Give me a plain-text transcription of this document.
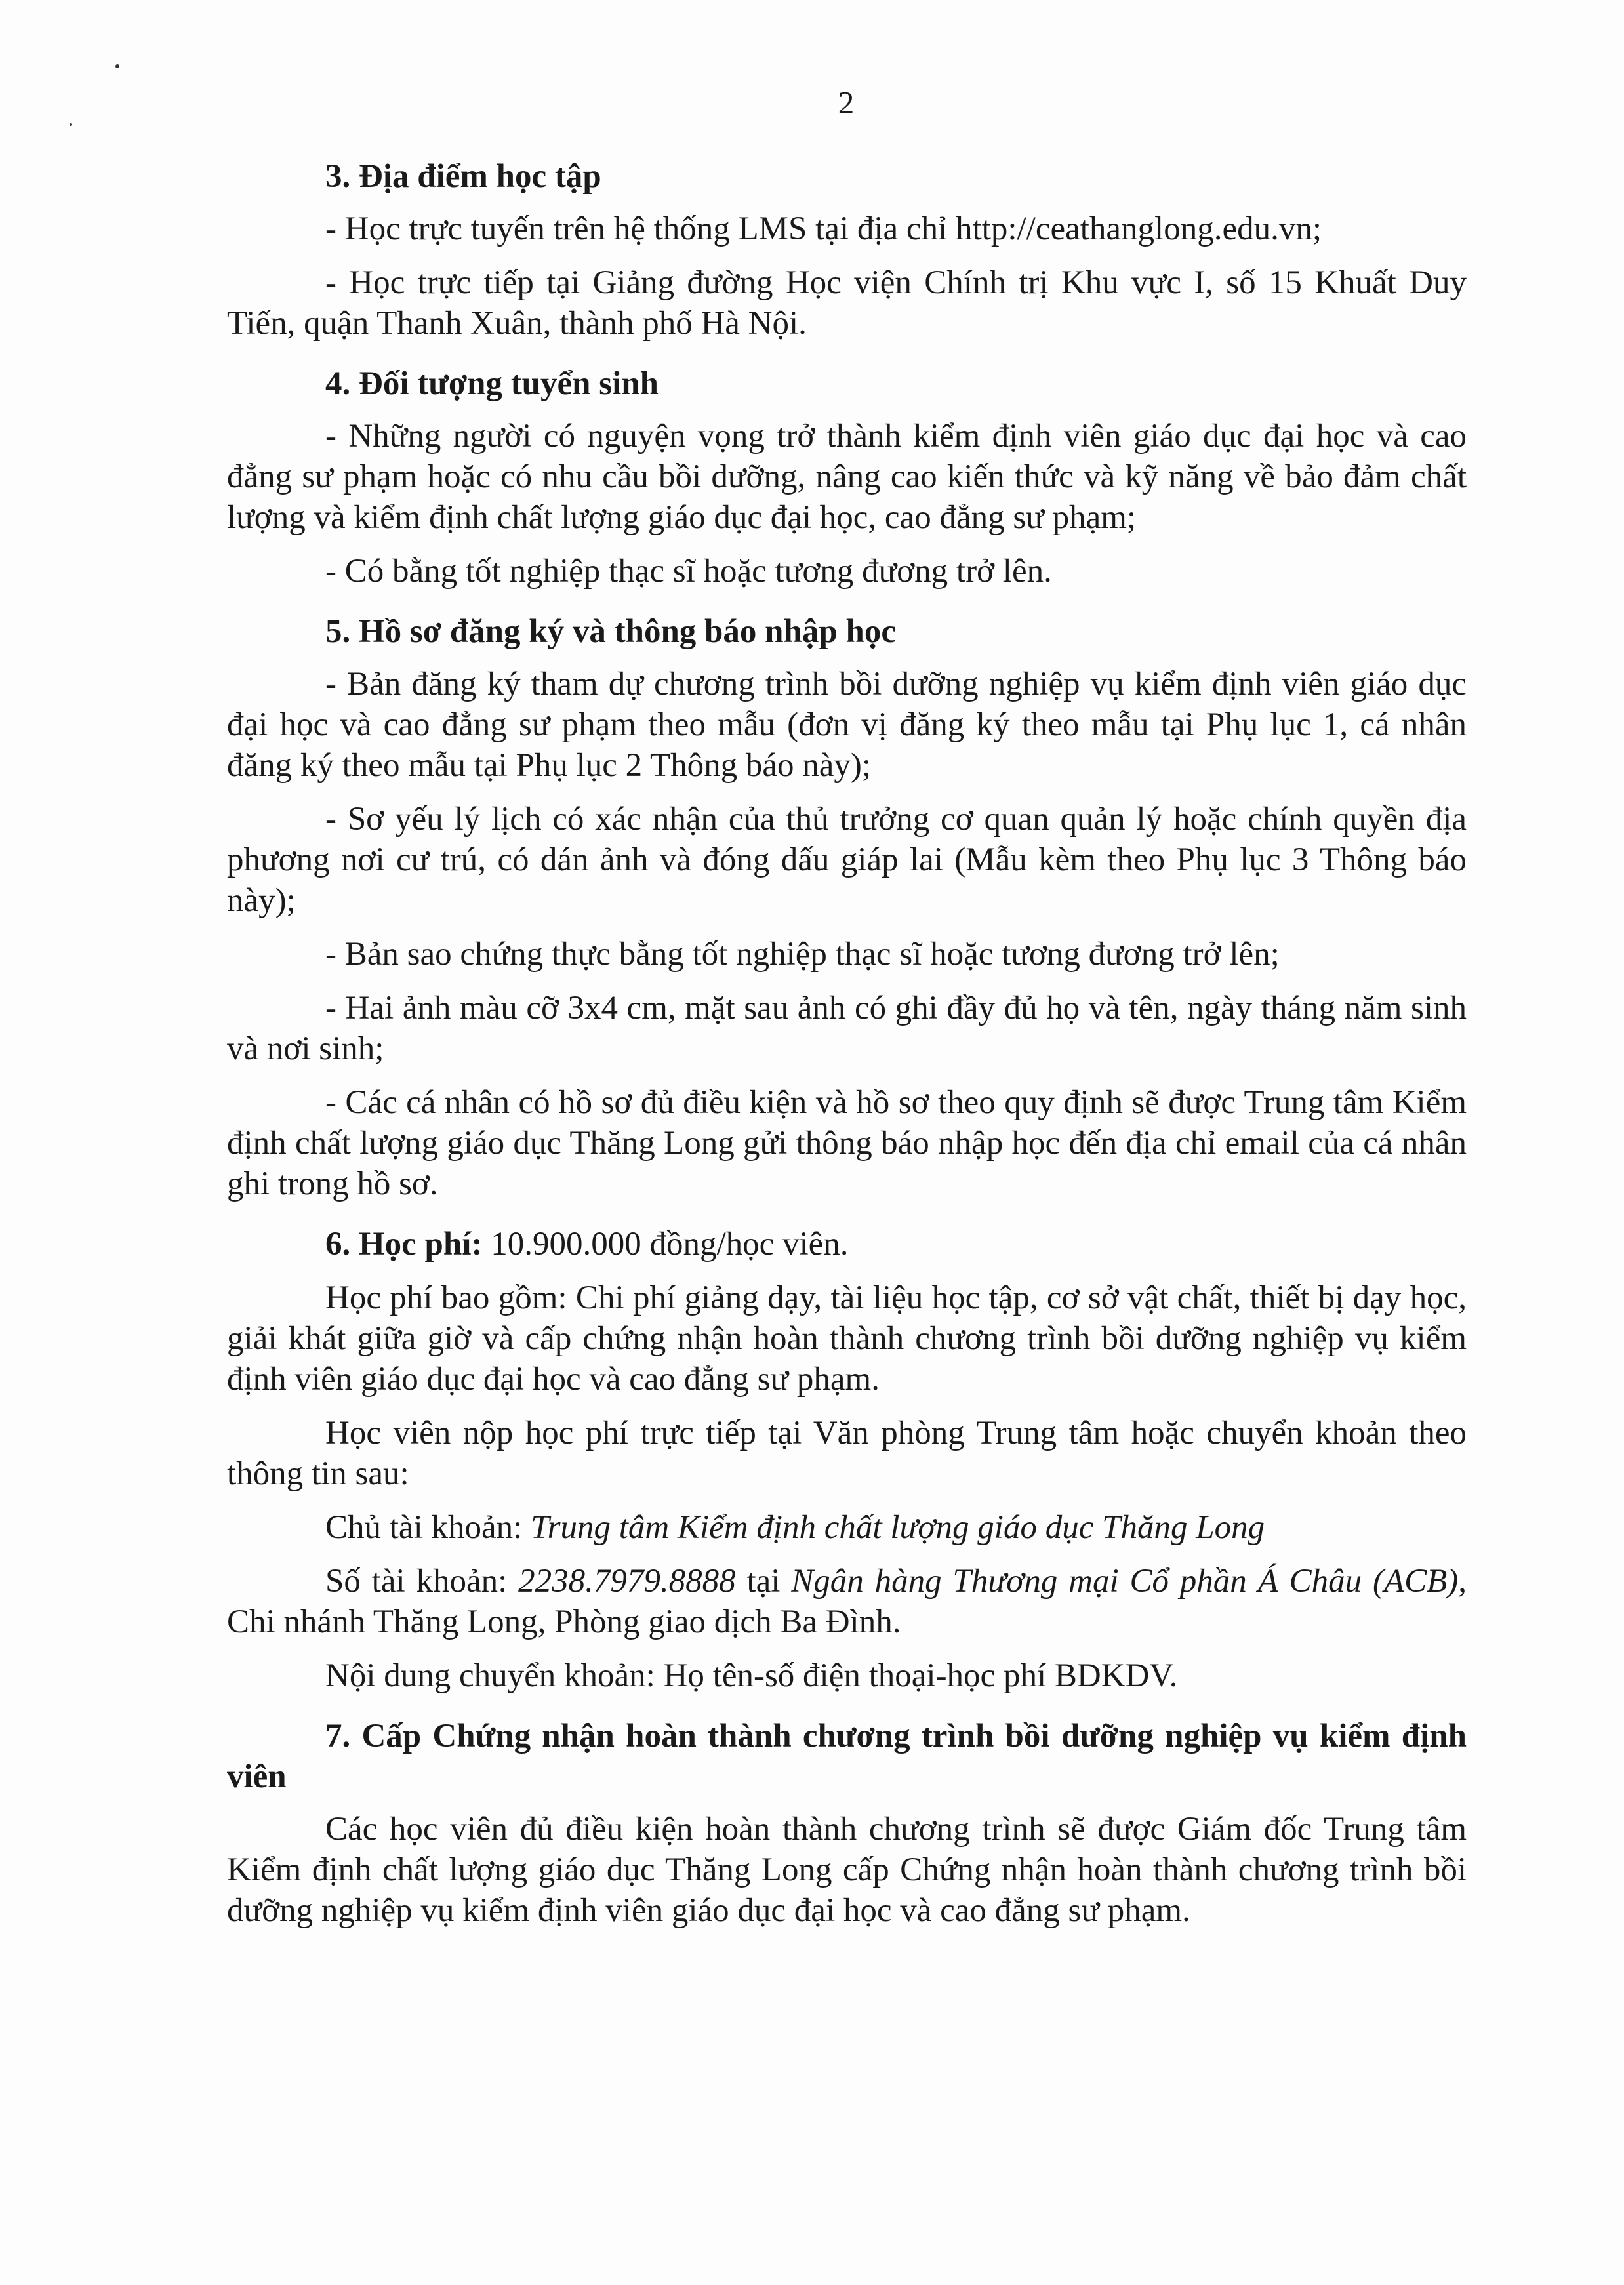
2

3. Địa điểm học tập

- Học trực tuyến trên hệ thống LMS tại địa chỉ http://ceathanglong.edu.vn;

- Học trực tiếp tại Giảng đường Học viện Chính trị Khu vực I, số 15 Khuất Duy Tiến, quận Thanh Xuân, thành phố Hà Nội.

4. Đối tượng tuyển sinh

- Những người có nguyện vọng trở thành kiểm định viên giáo dục đại học và cao đẳng sư phạm hoặc có nhu cầu bồi dưỡng, nâng cao kiến thức và kỹ năng về bảo đảm chất lượng và kiểm định chất lượng giáo dục đại học, cao đẳng sư phạm;

- Có bằng tốt nghiệp thạc sĩ hoặc tương đương trở lên.

5. Hồ sơ đăng ký và thông báo nhập học

- Bản đăng ký tham dự chương trình bồi dưỡng nghiệp vụ kiểm định viên giáo dục đại học và cao đẳng sư phạm theo mẫu (đơn vị đăng ký theo mẫu tại Phụ lục 1, cá nhân đăng ký theo mẫu tại Phụ lục 2 Thông báo này);

- Sơ yếu lý lịch có xác nhận của thủ trưởng cơ quan quản lý hoặc chính quyền địa phương nơi cư trú, có dán ảnh và đóng dấu giáp lai (Mẫu kèm theo Phụ lục 3 Thông báo này);

- Bản sao chứng thực bằng tốt nghiệp thạc sĩ hoặc tương đương trở lên;

- Hai ảnh màu cỡ 3x4 cm, mặt sau ảnh có ghi đầy đủ họ và tên, ngày tháng năm sinh và nơi sinh;

- Các cá nhân có hồ sơ đủ điều kiện và hồ sơ theo quy định sẽ được Trung tâm Kiểm định chất lượng giáo dục Thăng Long gửi thông báo nhập học đến địa chỉ email của cá nhân ghi trong hồ sơ.

6. Học phí: 10.900.000 đồng/học viên.

Học phí bao gồm: Chi phí giảng dạy, tài liệu học tập, cơ sở vật chất, thiết bị dạy học, giải khát giữa giờ và cấp chứng nhận hoàn thành chương trình bồi dưỡng nghiệp vụ kiểm định viên giáo dục đại học và cao đẳng sư phạm.

Học viên nộp học phí trực tiếp tại Văn phòng Trung tâm hoặc chuyển khoản theo thông tin sau:

Chủ tài khoản: Trung tâm Kiểm định chất lượng giáo dục Thăng Long

Số tài khoản: 2238.7979.8888 tại Ngân hàng Thương mại Cổ phần Á Châu (ACB), Chi nhánh Thăng Long, Phòng giao dịch Ba Đình.

Nội dung chuyển khoản: Họ tên-số điện thoại-học phí BDKDV.

7. Cấp Chứng nhận hoàn thành chương trình bồi dưỡng nghiệp vụ kiểm định viên

Các học viên đủ điều kiện hoàn thành chương trình sẽ được Giám đốc Trung tâm Kiểm định chất lượng giáo dục Thăng Long cấp Chứng nhận hoàn thành chương trình bồi dưỡng nghiệp vụ kiểm định viên giáo dục đại học và cao đẳng sư phạm.
